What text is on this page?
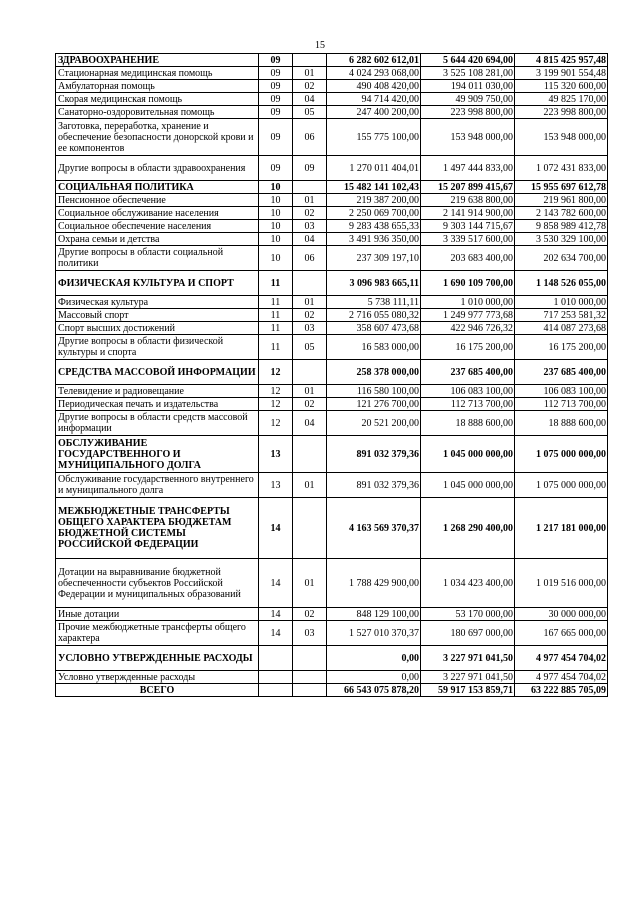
15
ЗДРАВООХРАНЕНИЕ	09		6 282 602 612,01	5 644 420 694,00	4 815 425 957,48
Стационарная медицинская помощь	09	01	4 024 293 068,00	3 525 108 281,00	3 199 901 554,48
Амбулаторная помощь	09	02	490 408 420,00	194 011 030,00	115 320 600,00
Скорая медицинская помощь	09	04	94 714 420,00	49 909 750,00	49 825 170,00
Санаторно-оздоровительная помощь	09	05	247 400 200,00	223 998 800,00	223 998 800,00
Заготовка, переработка, хранение и обеспечение безопасности донорской крови и ее компонентов	09	06	155 775 100,00	153 948 000,00	153 948 000,00
Другие вопросы в области здравоохранения	09	09	1 270 011 404,01	1 497 444 833,00	1 072 431 833,00
СОЦИАЛЬНАЯ ПОЛИТИКА	10		15 482 141 102,43	15 207 899 415,67	15 955 697 612,78
Пенсионное обеспечение	10	01	219 387 200,00	219 638 800,00	219 961 800,00
Социальное обслуживание населения	10	02	2 250 069 700,00	2 141 914 900,00	2 143 782 600,00
Социальное обеспечение населения	10	03	9 283 438 655,33	9 303 144 715,67	9 858 989 412,78
Охрана семьи и детства	10	04	3 491 936 350,00	3 339 517 600,00	3 530 329 100,00
Другие вопросы в области социальной политики	10	06	237 309 197,10	203 683 400,00	202 634 700,00
ФИЗИЧЕСКАЯ КУЛЬТУРА И СПОРТ	11		3 096 983 665,11	1 690 109 700,00	1 148 526 055,00
Физическая культура	11	01	5 738 111,11	1 010 000,00	1 010 000,00
Массовый спорт	11	02	2 716 055 080,32	1 249 977 773,68	717 253 581,32
Спорт высших достижений	11	03	358 607 473,68	422 946 726,32	414 087 273,68
Другие вопросы в области физической культуры и спорта	11	05	16 583 000,00	16 175 200,00	16 175 200,00
СРЕДСТВА МАССОВОЙ ИНФОРМАЦИИ	12		258 378 000,00	237 685 400,00	237 685 400,00
Телевидение и радиовещание	12	01	116 580 100,00	106 083 100,00	106 083 100,00
Периодическая печать и издательства	12	02	121 276 700,00	112 713 700,00	112 713 700,00
Другие вопросы в области средств массовой информации	12	04	20 521 200,00	18 888 600,00	18 888 600,00
ОБСЛУЖИВАНИЕ ГОСУДАРСТВЕННОГО И МУНИЦИПАЛЬНОГО ДОЛГА	13		891 032 379,36	1 045 000 000,00	1 075 000 000,00
Обслуживание государственного внутреннего и муниципального долга	13	01	891 032 379,36	1 045 000 000,00	1 075 000 000,00
МЕЖБЮДЖЕТНЫЕ ТРАНСФЕРТЫ ОБЩЕГО ХАРАКТЕРА БЮДЖЕТАМ БЮДЖЕТНОЙ СИСТЕМЫ РОССИЙСКОЙ ФЕДЕРАЦИИ	14		4 163 569 370,37	1 268 290 400,00	1 217 181 000,00
Дотации на выравнивание бюджетной обеспеченности субъектов Российской Федерации и муниципальных образований	14	01	1 788 429 900,00	1 034 423 400,00	1 019 516 000,00
Иные дотации	14	02	848 129 100,00	53 170 000,00	30 000 000,00
Прочие межбюджетные трансферты общего характера	14	03	1 527 010 370,37	180 697 000,00	167 665 000,00
УСЛОВНО УТВЕРЖДЕННЫЕ РАСХОДЫ			0,00	3 227 971 041,50	4 977 454 704,02
Условно утвержденные расходы			0,00	3 227 971 041,50	4 977 454 704,02
ВСЕГО			66 543 075 878,20	59 917 153 859,71	63 222 885 705,09
